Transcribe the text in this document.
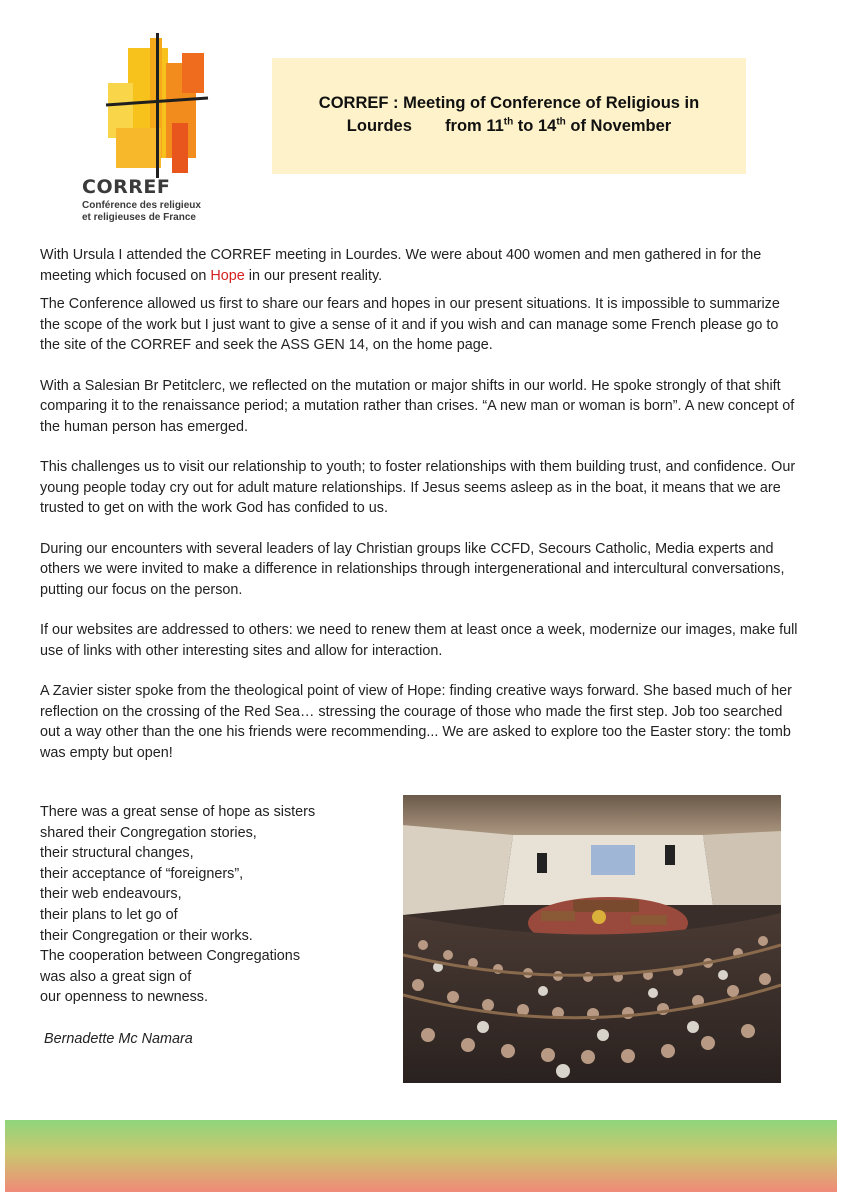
CORREF
Conférence des religieux
et religieuses de France
CORREF : Meeting of Conference of Religious in
Lourdes from 11th to 14th of November

With Ursula I attended the CORREF meeting in Lourdes. We were about 400 women and men gathered in for the meeting which focused on Hope in our present reality.

The Conference allowed us first to share our fears and hopes in our present situations. It is impossible to summarize the scope of the work but I just want to give a sense of it and if you wish and can manage some French please go to the site of the CORREF and seek the ASS GEN 14, on the home page.

With a Salesian Br Petitclerc, we reflected on the mutation or major shifts in our world. He spoke strongly of that shift comparing it to the renaissance period; a mutation rather than crises. “A new man or woman is born”. A new concept of the human person has emerged.

This challenges us to visit our relationship to youth; to foster relationships with them building trust, and confidence. Our young people today cry out for adult mature relationships. If Jesus seems asleep as in the boat, it means that we are trusted to get on with the work God has confided to us.

During our encounters with several leaders of lay Christian groups like CCFD, Secours Catholic, Media experts and others we were invited to make a difference in relationships through intergenerational and intercultural conversations, putting our focus on the person.

If our websites are addressed to others: we need to renew them at least once a week, modernize our images, make full use of links with other interesting sites and allow for interaction.

A Zavier sister spoke from the theological point of view of Hope: finding creative ways forward. She based much of her reflection on the crossing of the Red Sea… stressing the courage of those who made the first step. Job too searched out a way other than the one his friends were recommending... We are asked to explore too the Easter story: the tomb was empty but open!

There was a great sense of hope as sisters
shared their Congregation stories,
their structural changes,
their acceptance of “foreigners”,
their web endeavours,
their plans to let go of
their Congregation or their works.
The cooperation between Congregations
was also a great sign of
our openness to newness.
Bernadette Mc Namara
